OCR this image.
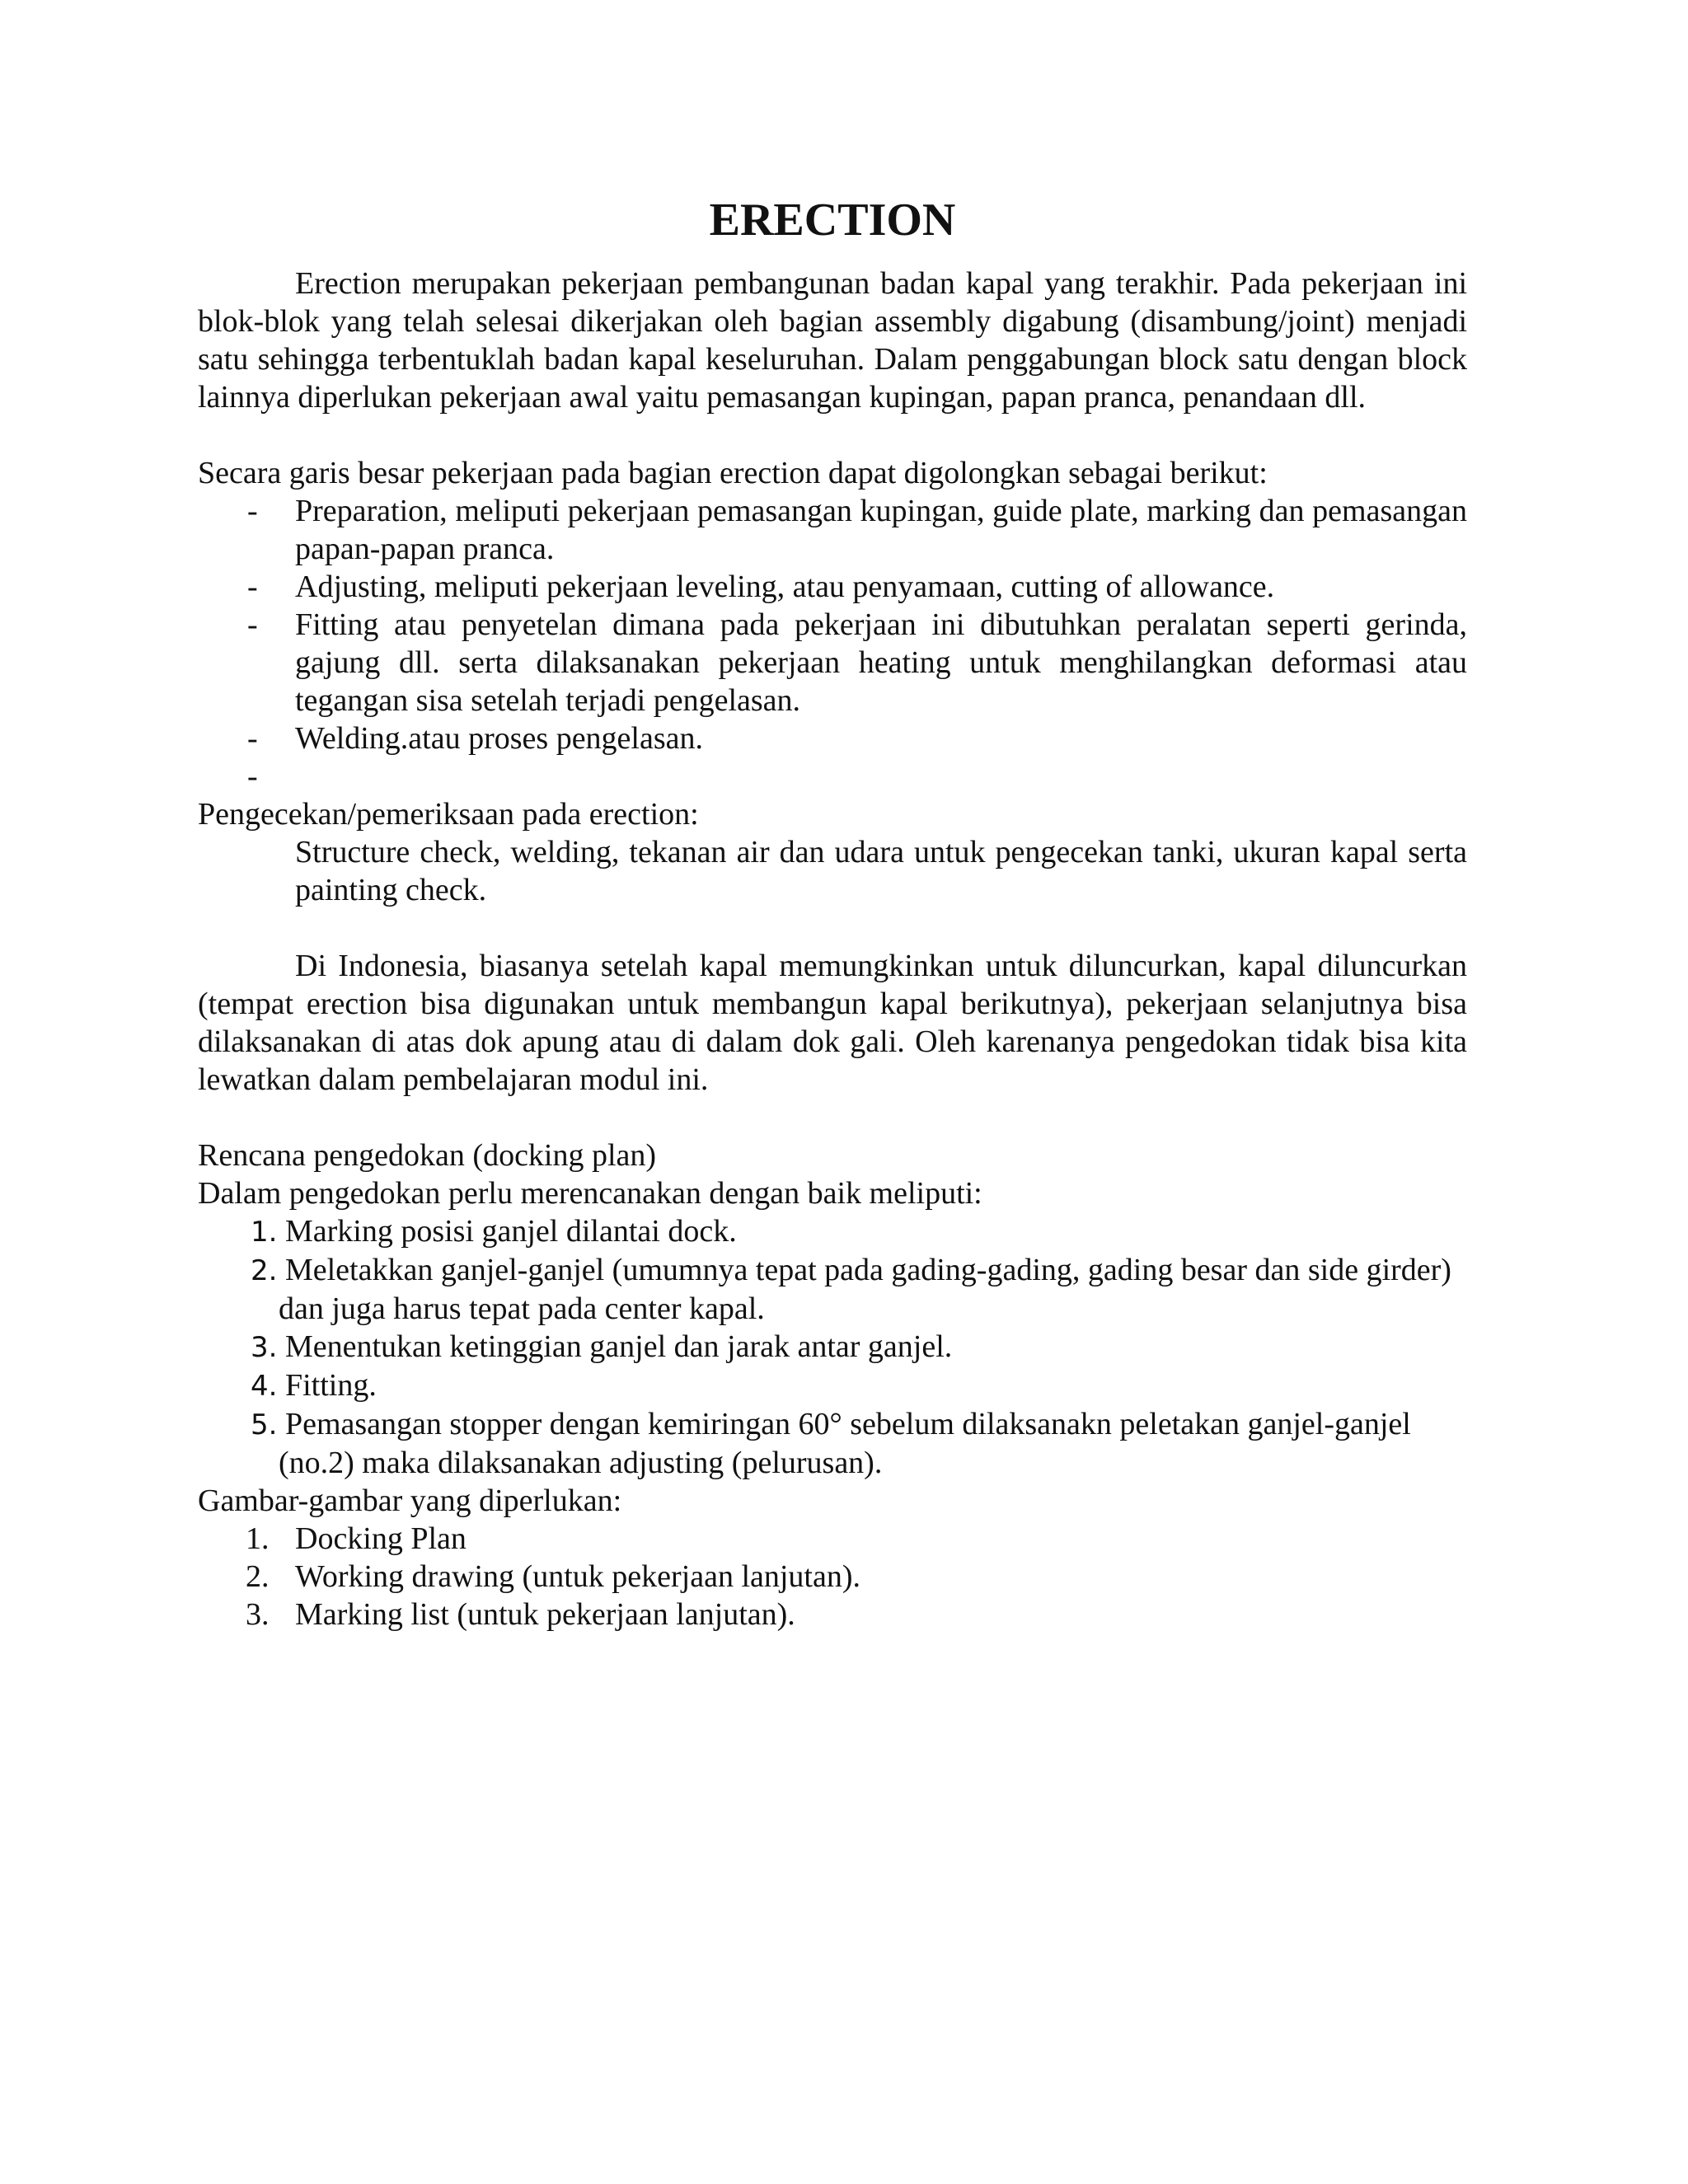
ERECTION

Erection merupakan pekerjaan pembangunan badan kapal yang terakhir. Pada pekerjaan ini blok-blok yang telah selesai dikerjakan oleh bagian assembly digabung (disambung/joint) menjadi satu sehingga terbentuklah badan kapal keseluruhan. Dalam penggabungan block satu dengan block lainnya diperlukan pekerjaan awal yaitu pemasangan kupingan, papan pranca, penandaan dll.

Secara garis besar pekerjaan pada bagian erection dapat digolongkan sebagai berikut:

- Preparation, meliputi pekerjaan pemasangan kupingan, guide plate, marking dan pemasangan papan-papan pranca.
- Adjusting, meliputi pekerjaan leveling, atau penyamaan, cutting of allowance.
- Fitting atau penyetelan dimana pada pekerjaan ini dibutuhkan peralatan seperti gerinda, gajung dll. serta dilaksanakan pekerjaan heating untuk menghilangkan deformasi atau tegangan sisa setelah terjadi pengelasan.
- Welding.atau proses pengelasan.
-

Pengecekan/pemeriksaan pada erection:

Structure check, welding, tekanan air dan udara untuk pengecekan tanki, ukuran kapal serta painting check.

Di Indonesia, biasanya setelah kapal memungkinkan untuk diluncurkan, kapal diluncurkan (tempat erection bisa digunakan untuk membangun kapal berikutnya), pekerjaan selanjutnya bisa dilaksanakan di atas dok apung atau di dalam dok gali. Oleh karenanya pengedokan tidak bisa kita lewatkan dalam pembelajaran modul ini.

Rencana pengedokan (docking plan)

Dalam pengedokan perlu merencanakan dengan baik meliputi:

1. Marking posisi ganjel dilantai dock.
2. Meletakkan ganjel-ganjel (umumnya tepat pada gading-gading, gading besar dan side girder) dan juga harus tepat pada center kapal.
3. Menentukan ketinggian ganjel dan jarak antar ganjel.
4. Fitting.
5. Pemasangan stopper dengan kemiringan 60° sebelum dilaksanakn peletakan ganjel-ganjel (no.2) maka dilaksanakan adjusting (pelurusan).

Gambar-gambar yang diperlukan:

1. Docking Plan
2. Working drawing (untuk pekerjaan lanjutan).
3. Marking list (untuk pekerjaan lanjutan).
